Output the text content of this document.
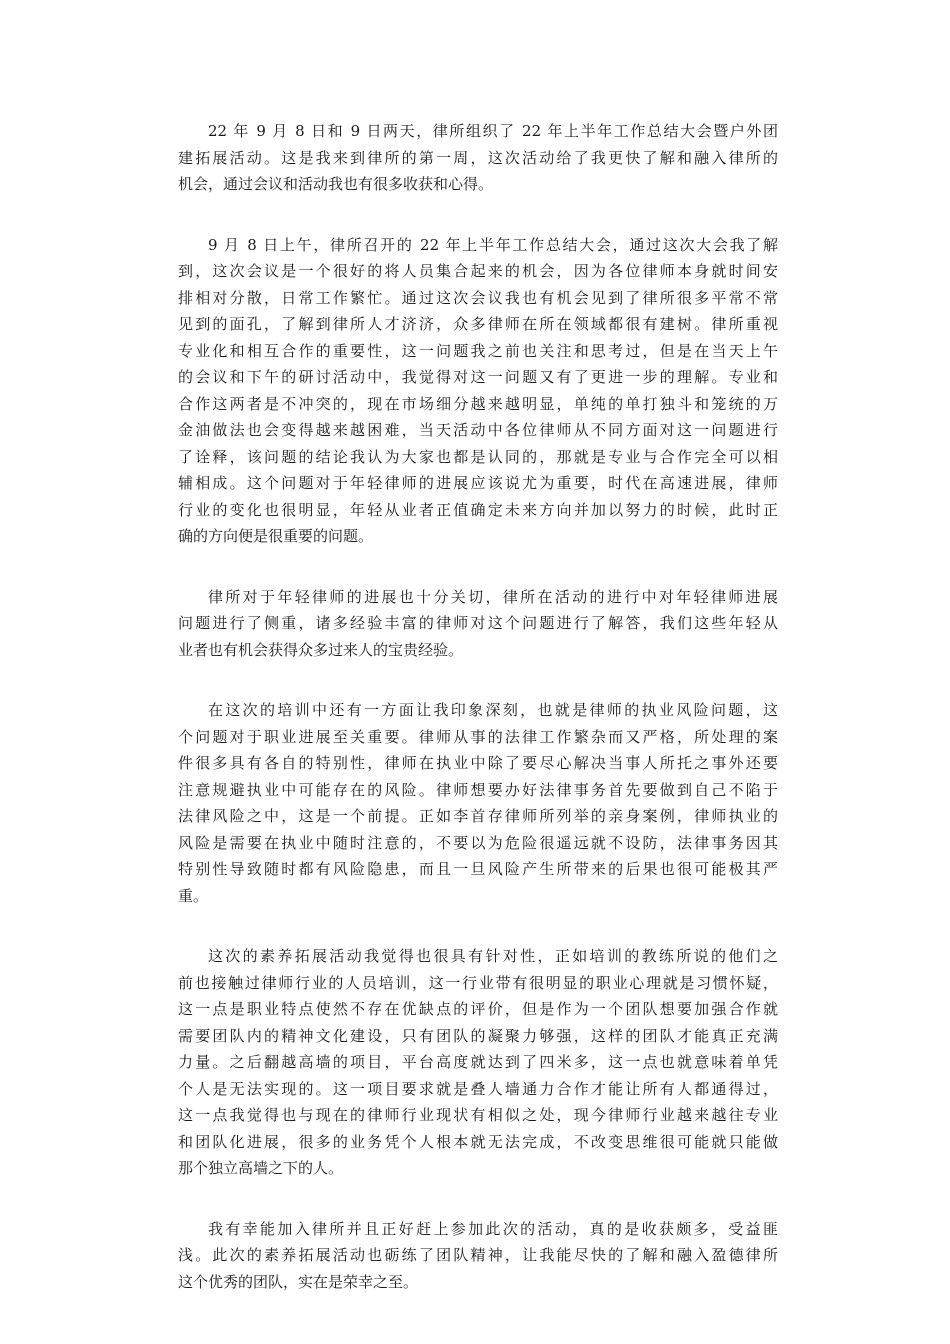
22 年 9 月 8 日和 9 日两天，律所组织了 22 年上半年工作总结大会暨户外团
建拓展活动。这是我来到律所的第一周，这次活动给了我更快了解和融入律所的
机会，通过会议和活动我也有很多收获和心得。

9 月 8 日上午，律所召开的 22 年上半年工作总结大会，通过这次大会我了解
到，这次会议是一个很好的将人员集合起来的机会，因为各位律师本身就时间安
排相对分散，日常工作繁忙。通过这次会议我也有机会见到了律所很多平常不常
见到的面孔，了解到律所人才济济，众多律师在所在领域都很有建树。律所重视
专业化和相互合作的重要性，这一问题我之前也关注和思考过，但是在当天上午
的会议和下午的研讨活动中，我觉得对这一问题又有了更进一步的理解。专业和
合作这两者是不冲突的，现在市场细分越来越明显，单纯的单打独斗和笼统的万
金油做法也会变得越来越困难，当天活动中各位律师从不同方面对这一问题进行
了诠释，该问题的结论我认为大家也都是认同的，那就是专业与合作完全可以相
辅相成。这个问题对于年轻律师的进展应该说尤为重要，时代在高速进展，律师
行业的变化也很明显，年轻从业者正值确定未来方向并加以努力的时候，此时正
确的方向便是很重要的问题。

律所对于年轻律师的进展也十分关切，律所在活动的进行中对年轻律师进展
问题进行了侧重，诸多经验丰富的律师对这个问题进行了解答，我们这些年轻从
业者也有机会获得众多过来人的宝贵经验。

在这次的培训中还有一方面让我印象深刻，也就是律师的执业风险问题，这
个问题对于职业进展至关重要。律师从事的法律工作繁杂而又严格，所处理的案
件很多具有各自的特别性，律师在执业中除了要尽心解决当事人所托之事外还要
注意规避执业中可能存在的风险。律师想要办好法律事务首先要做到自己不陷于
法律风险之中，这是一个前提。正如李首存律师所列举的亲身案例，律师执业的
风险是需要在执业中随时注意的，不要以为危险很遥远就不设防，法律事务因其
特别性导致随时都有风险隐患，而且一旦风险产生所带来的后果也很可能极其严
重。

这次的素养拓展活动我觉得也很具有针对性，正如培训的教练所说的他们之
前也接触过律师行业的人员培训，这一行业带有很明显的职业心理就是习惯怀疑，
这一点是职业特点使然不存在优缺点的评价，但是作为一个团队想要加强合作就
需要团队内的精神文化建设，只有团队的凝聚力够强，这样的团队才能真正充满
力量。之后翻越高墙的项目，平台高度就达到了四米多，这一点也就意味着单凭
个人是无法实现的。这一项目要求就是叠人墙通力合作才能让所有人都通得过，
这一点我觉得也与现在的律师行业现状有相似之处，现今律师行业越来越往专业
和团队化进展，很多的业务凭个人根本就无法完成，不改变思维很可能就只能做
那个独立高墙之下的人。

我有幸能加入律所并且正好赶上参加此次的活动，真的是收获颇多，受益匪
浅。此次的素养拓展活动也砺练了团队精神，让我能尽快的了解和融入盈德律所
这个优秀的团队，实在是荣幸之至。
